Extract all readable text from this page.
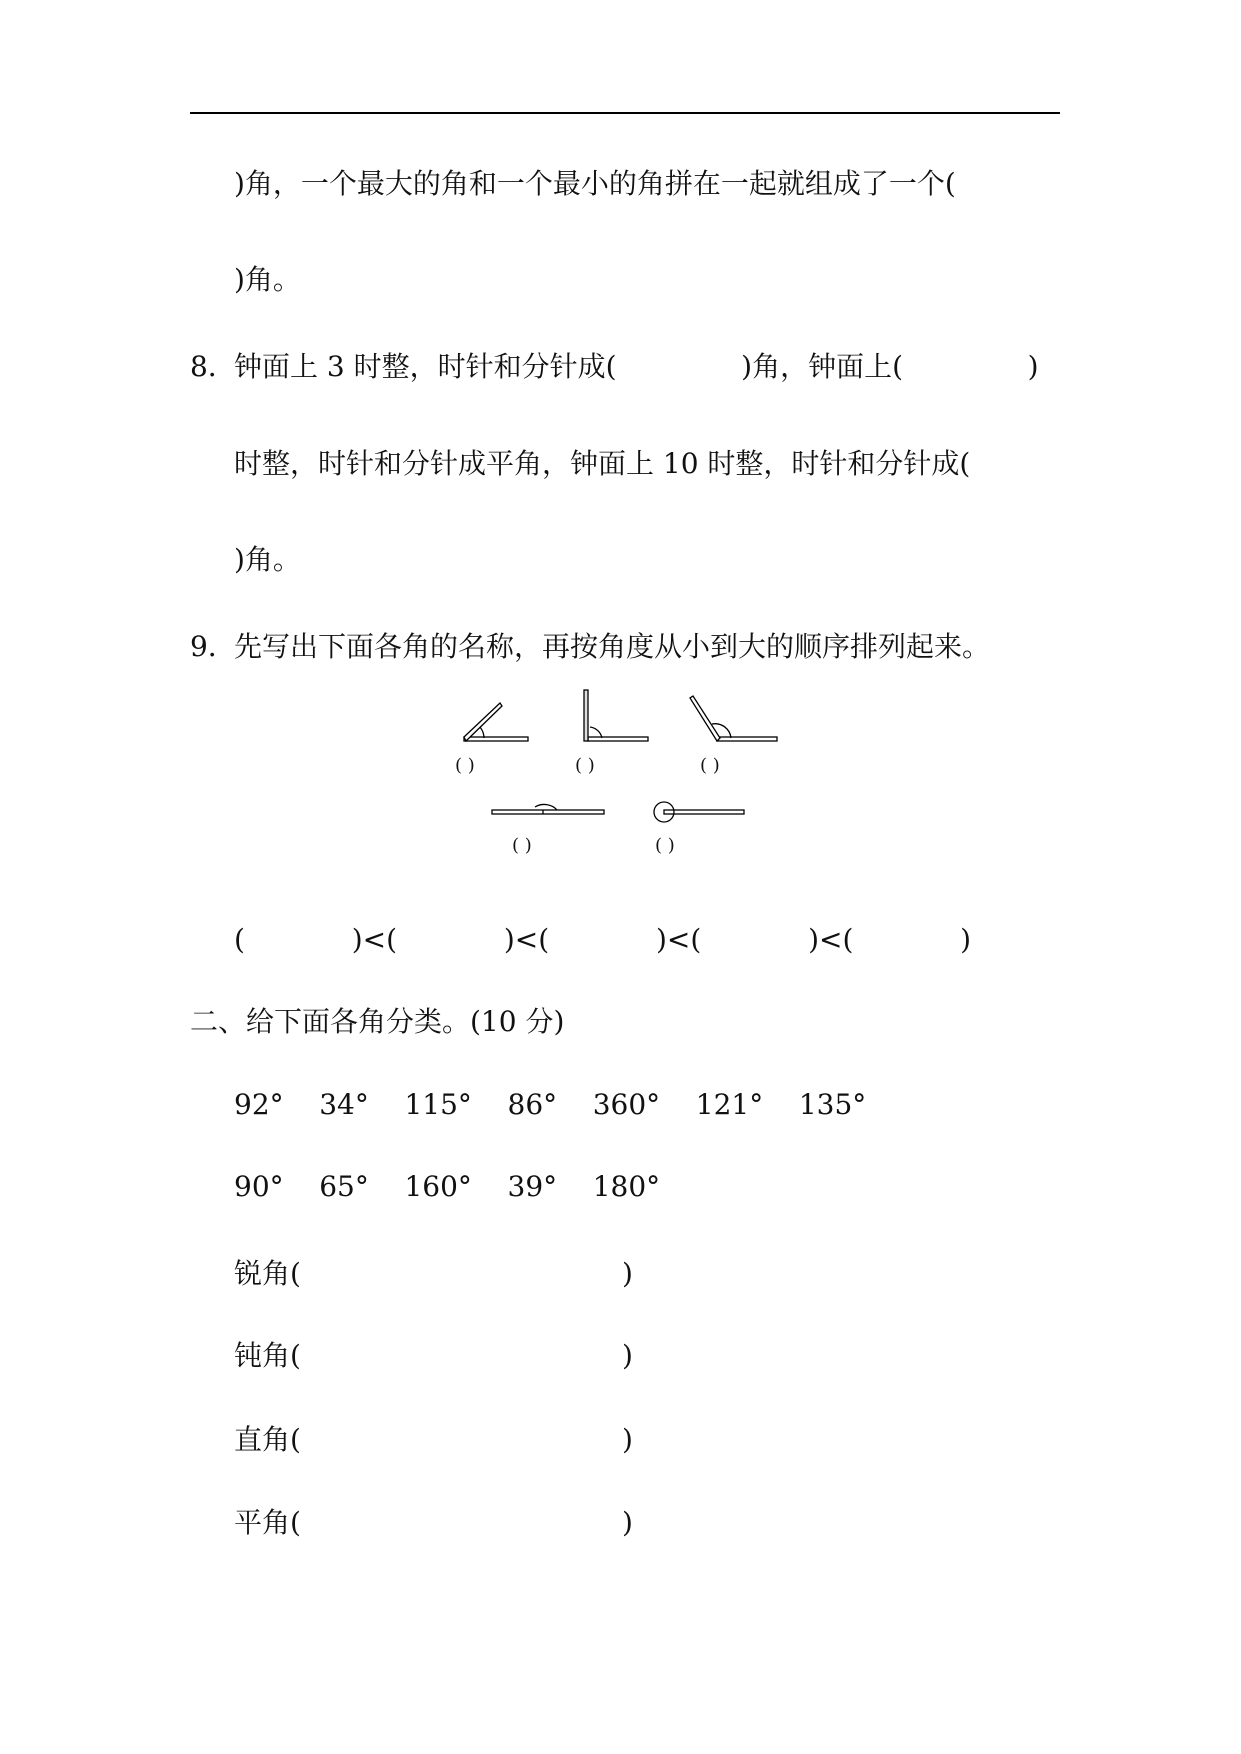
)角，一个最大的角和一个最小的角拼在一起就组成了一个(
)角。
8．
钟面上 3 时整，时针和分针成(              )角，钟面上(              )
时整，时针和分针成平角，钟面上 10 时整，时针和分针成(
)角。
9．
先写出下面各角的名称，再按角度从小到大的顺序排列起来。
( )	( )	( )
( )	( )
(            )<(            )<(            )<(            )<(            )
二、给下面各角分类。(10 分)
92°    34°    115°    86°    360°    121°    135°
90°    65°    160°    39°    180°
锐角(	)
钝角(	)
直角(	)
平角(	)
